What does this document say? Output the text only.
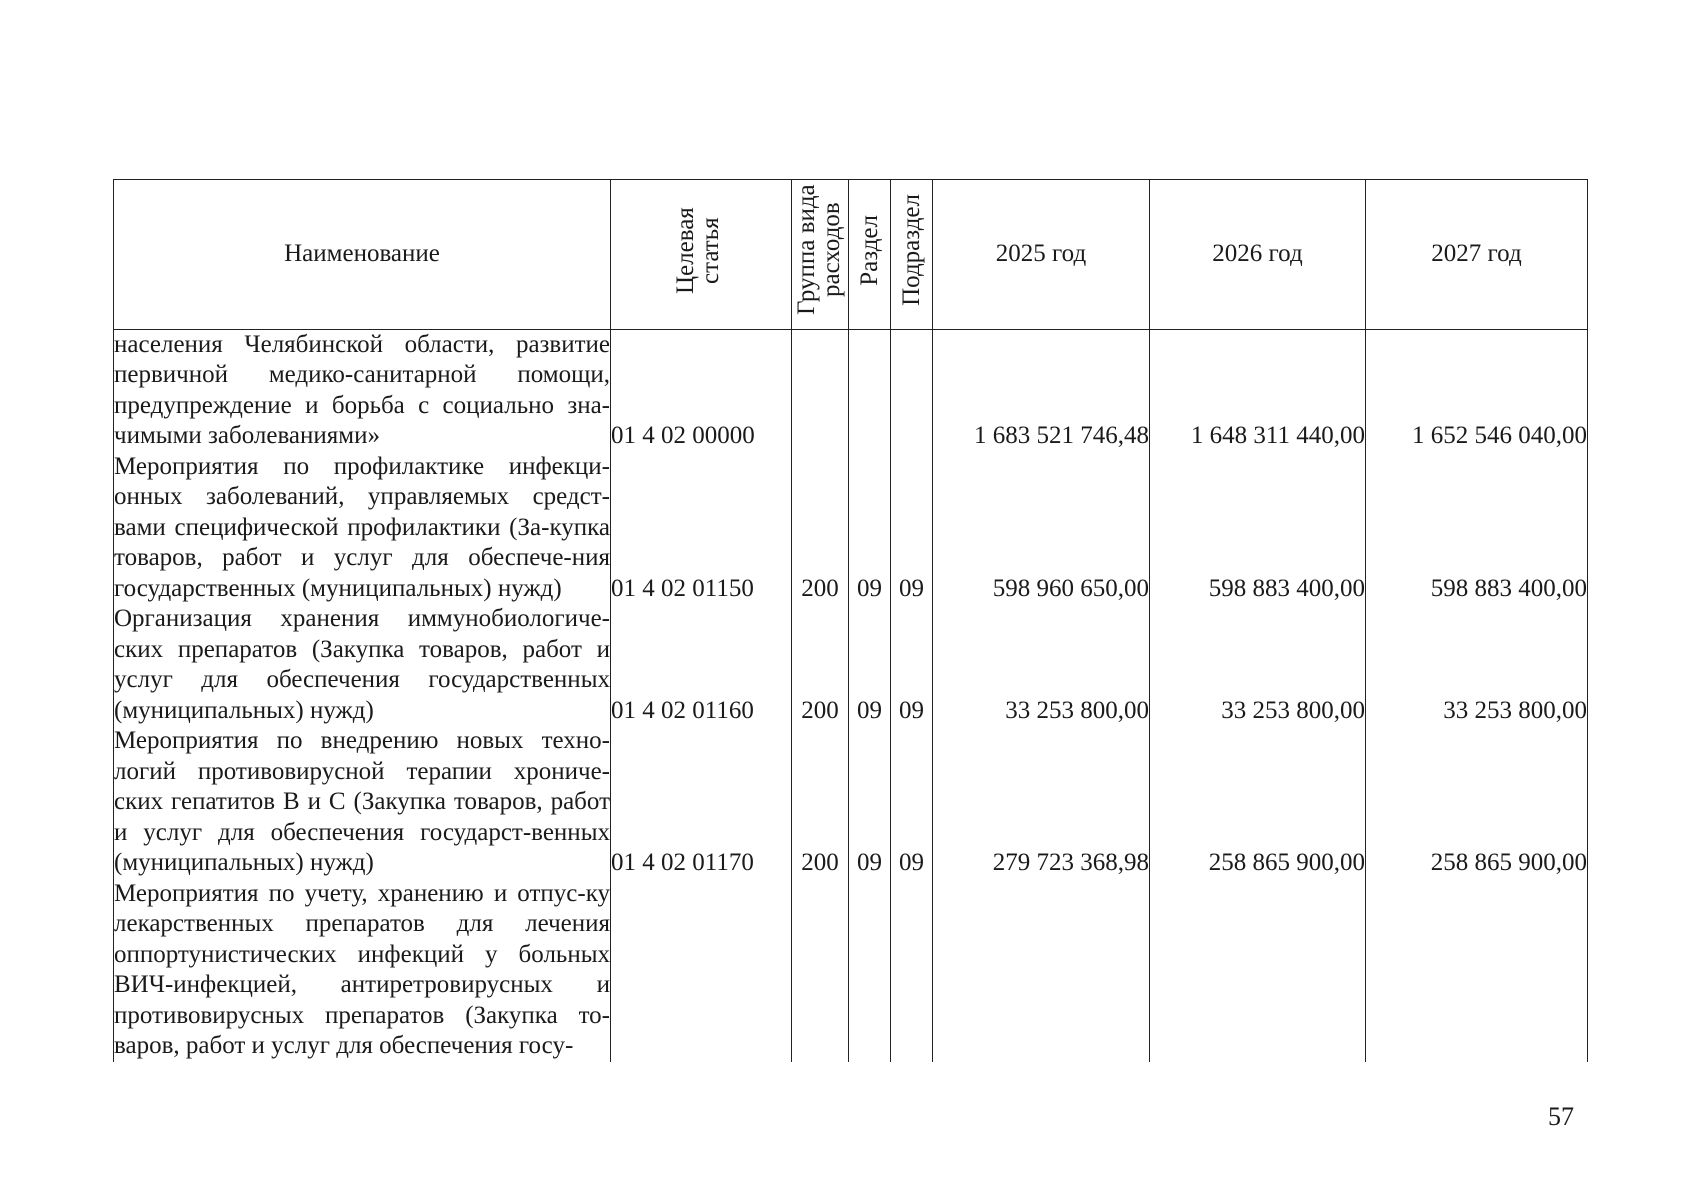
Наименование	Целевая статья	Группа вида расходов	Раздел	Подраздел	2025 год	2026 год	2027 год
населения Челябинской области, развитие первичной медико-санитарной помощи, предупреждение и борьба с социально зна-чимыми заболеваниями»	01 4 02 00000				1 683 521 746,48	1 648 311 440,00	1 652 546 040,00
Мероприятия по профилактике инфекци-онных заболеваний, управляемых средст-вами специфической профилактики (За-купка товаров, работ и услуг для обеспече-ния государственных (муниципальных) нужд)	01 4 02 01150	200	09	09	598 960 650,00	598 883 400,00	598 883 400,00
Организация хранения иммунобиологиче-ских препаратов (Закупка товаров, работ и услуг для обеспечения государственных (муниципальных) нужд)	01 4 02 01160	200	09	09	33 253 800,00	33 253 800,00	33 253 800,00
Мероприятия по внедрению новых техно-логий противовирусной терапии хрониче-ских гепатитов В и С (Закупка товаров, работ и услуг для обеспечения государст-венных (муниципальных) нужд)	01 4 02 01170	200	09	09	279 723 368,98	258 865 900,00	258 865 900,00
Мероприятия по учету, хранению и отпус-ку лекарственных препаратов для лечения оппортунистических инфекций у больных ВИЧ-инфекцией, антиретровирусных и противовирусных препаратов (Закупка то-варов, работ и услуг для обеспечения госу-							
57
